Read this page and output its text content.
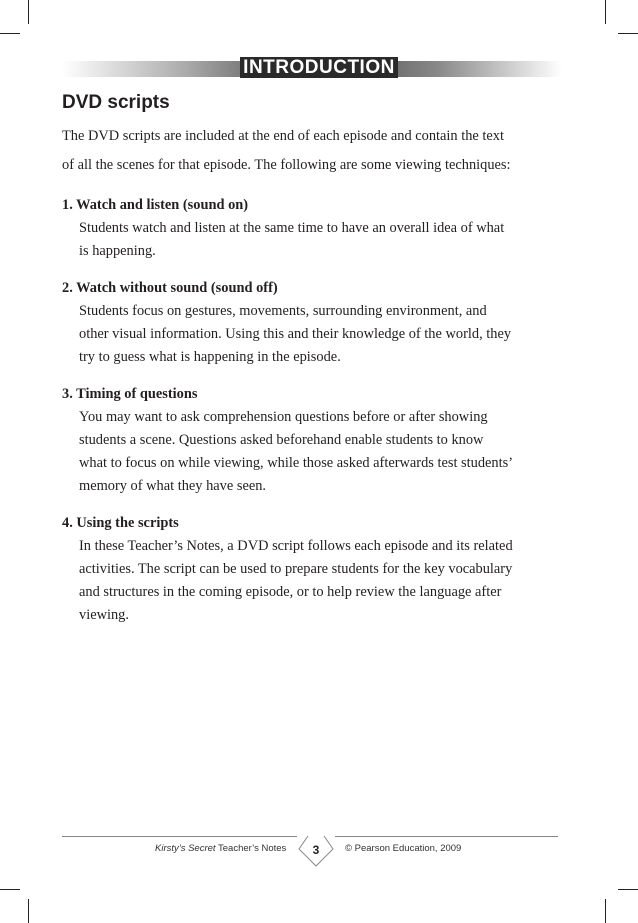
INTRODUCTION
DVD scripts
The DVD scripts are included at the end of each episode and contain the text
of all the scenes for that episode. The following are some viewing techniques:
1. Watch and listen (sound on)
Students watch and listen at the same time to have an overall idea of what
is happening.
2. Watch without sound (sound off)
Students focus on gestures, movements, surrounding environment, and
other visual information. Using this and their knowledge of the world, they
try to guess what is happening in the episode.
3. Timing of questions
You may want to ask comprehension questions before or after showing
students a scene. Questions asked beforehand enable students to know
what to focus on while viewing, while those asked afterwards test students’
memory of what they have seen.
4. Using the scripts
In these Teacher’s Notes, a DVD script follows each episode and its related
activities. The script can be used to prepare students for the key vocabulary
and structures in the coming episode, or to help review the language after
viewing.
3
Kirsty’s Secret Teacher’s Notes	© Pearson Education, 2009
